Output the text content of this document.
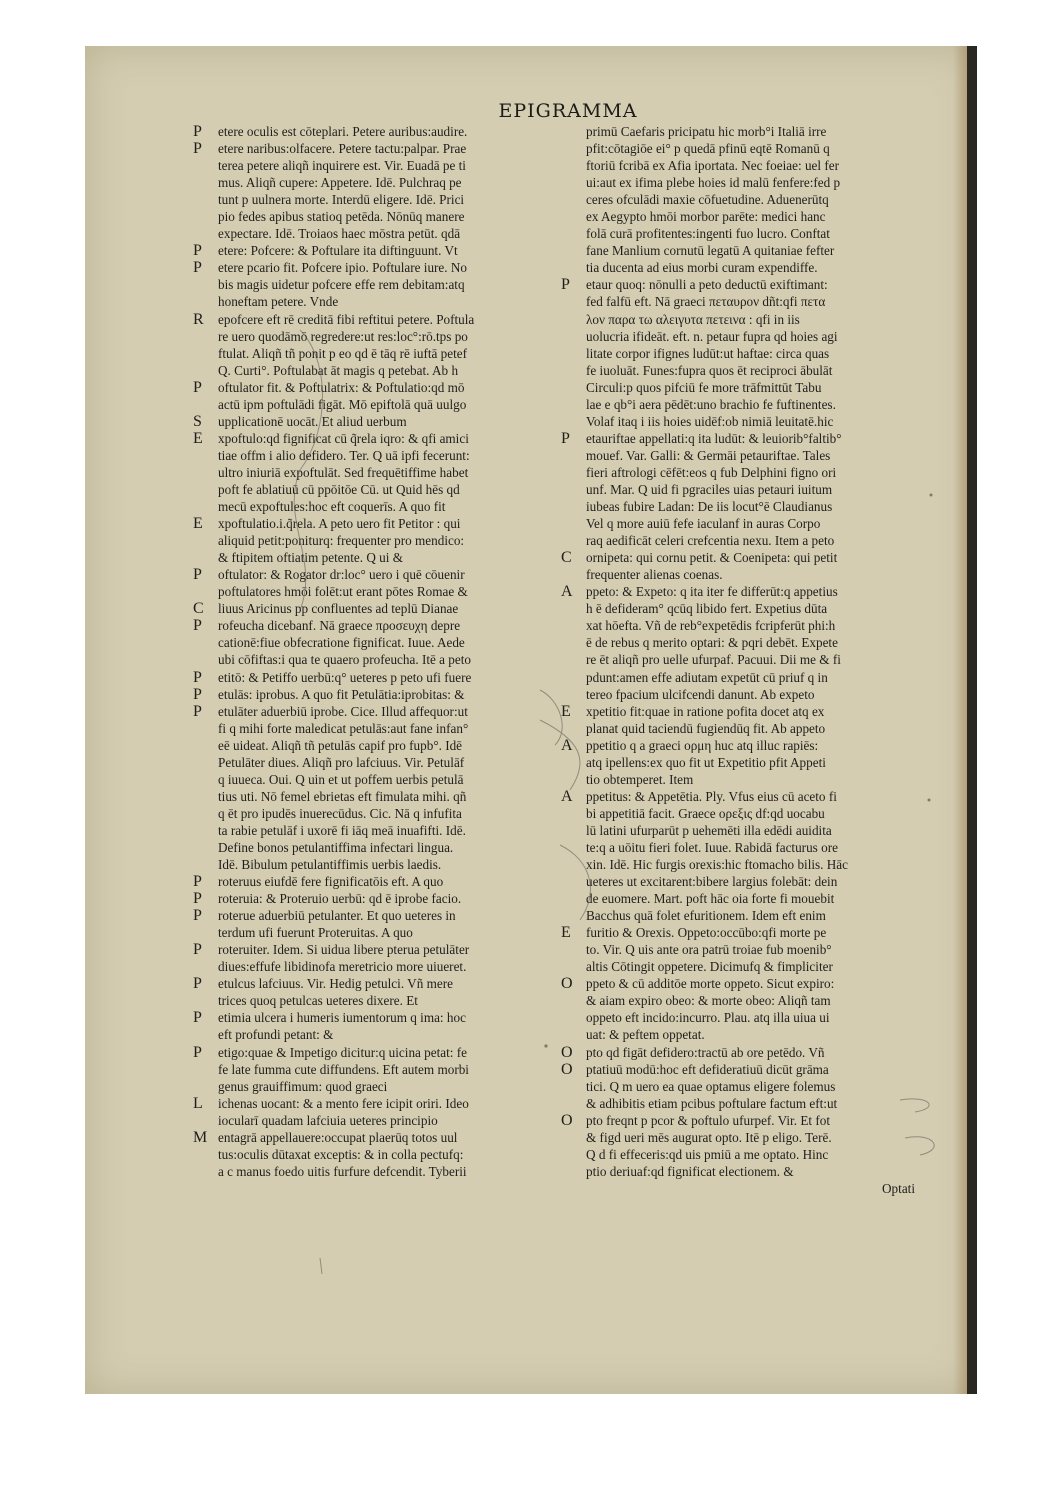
EPIGRAMMA
P	etere oculis est cōteplari. Petere auribus:audire.
P	etere naribus:olfacere. Petere tactu:palpar. Prae
terea petere aliqñ inquirere est. Vir. Euadā pe ti
mus. Aliqñ cupere: Appetere. Idē. Pulchraq pe
tunt p uulnera morte. Interdū eligere. Idē. Prici
pio fedes apibus statioq petēda. Nōnūq manere
expectare. Idē. Troiaos haec mōstra petūt. qdā
P	etere: Pofcere: & Poftulare ita diftinguunt. Vt
P	etere pcario fit. Pofcere ipio. Poftulare iure. No
bis magis uidetur pofcere effe rem debitam:atq
honeftam petere. Vnde
R	epofcere eft rē creditā fibi reftitui petere. Poftula
re uero quodāmō regredere:ut res:loc°:rō.tps po
ftulat. Aliqñ tñ ponit p eo qd ē tāq rē iuftā petef
Q. Curti°. Poftulabat āt magis q petebat. Ab h
P	oftulator fit. & Poftulatrix: & Poftulatio:qd mō
actū ipm poftulādi figāt. Mō epiftolā quā uulgo
S	upplicationē uocāt. Et aliud uerbum
E	xpoftulo:qd fignificat cū q̃rela iqro: & qfi amici
tiae offm i alio defidero. Ter. Q uā ipfi fecerunt:
ultro iniuriā expoftulāt. Sed frequētiffime habet
poft fe ablatiuū cū ppōitōe Cū. ut Quid hēs qd
mecū expoftules:hoc eft coquerīs. A quo fit
E	xpoftulatio.i.q̃rela. A peto uero fit Petitor : qui
aliquid petit:poniturq: frequenter pro mendico:
& ftipitem oftiatim petente. Q ui &
P	oftulator: & Rogator dr:loc° uero i quē cōuenir
poftulatores hmōi folēt:ut erant pōtes Romae &
C	liuus Aricinus pp confluentes ad teplū Dianae
P	rofeucha dicebanf. Nā graece προσευχη depre
cationē:fiue obfecratione fignificat. Iuue. Aede
ubi cōfiftas:i qua te quaero profeucha. Itē a peto
P	etitō: & Petiffo uerbū:q° ueteres p peto ufi fuere
P	etulās: iprobus. A quo fit Petulātia:iprobitas: &
P	etulāter aduerbiū iprobe. Cice. Illud affequor:ut
fi q mihi forte maledicat petulās:aut fane infan°
eē uideat. Aliqñ tñ petulās capif pro fupb°. Idē
Petulāter diues. Aliqñ pro lafciuus. Vir. Petulāf
q iuueca. Oui. Q uin et ut poffem uerbis petulā
tius uti. Nō femel ebrietas eft fimulata mihi. qñ
q ēt pro ipudēs inuerecūdus. Cic. Nā q infufita
ta rabie petulāf i uxorē fi iāq meā inuafifti. Idē.
Define bonos petulantiffima infectari lingua.
Idē. Bibulum petulantiffimis uerbis laedis.
P	roteruus eiufdē fere fignificatōis eft. A quo
P	roteruia: & Proteruio uerbū: qd ē iprobe facio.
P	roterue aduerbiū petulanter. Et quo ueteres in
terdum ufi fuerunt Proteruitas. A quo
P	roteruiter. Idem. Si uidua libere pterua petulāter
diues:effufe libidinofa meretricio more uiueret.
P	etulcus lafciuus. Vir. Hedig petulci. Vñ mere
trices quoq petulcas ueteres dixere. Et
P	etimia ulcera i humeris iumentorum q ima: hoc
eft profundi petant: &
P	etigo:quae & Impetigo dicitur:q uicina petat: fe
fe late fumma cute diffundens. Eft autem morbi
genus grauiffimum: quod graeci
L	ichenas uocant: & a mento fere icipit oriri. Ideo
iocularī quadam lafciuia ueteres principio
M entagrā appellauere:occupat plaerūq totos uul
tus:oculis dūtaxat exceptis: & in colla pectufq:
a c manus foedo uitis furfure defcendit. Tyberii
primū Caefaris pricipatu hic morb°i Italiā irre
pfit:cōtagiōe ei° p quedā pfinū eqtē Romanū q
ftoriū fcribā ex Afia iportata. Nec foeiae: uel fer
ui:aut ex ifima plebe hoies id malū fenfere:fed p
ceres ofculādi maxie cōfuetudine. Aduenerūtq
ex Aegypto hmōi morbor parēte: medici hanc
folā curā profitentes:ingenti fuo lucro. Conftat
fane Manlium cornutū legatū A quitaniae fefter
tia ducenta ad eius morbi curam expendiffe.
P	etaur quoq: nōnulli a peto deductū exiftimant:
fed falfū eft. Nā graeci πεταυρον dñt:qfi πετα
λον παρα τω αλειγυτα πετεινα : qfi in iis
uolucria ifideāt. eft. n. petaur fupra qd hoies agi
litate corpor ifignes ludūt:ut haftae: circa quas
fe iuoluāt. Funes:fupra quos ēt reciproci ābulāt
Circuli:p quos pifciū fe more trāfmittūt Tabu
lae e qb°i aera pēdēt:uno brachio fe fuftinentes.
Volaf itaq i iis hoies uidēf:ob nimiā leuitatē.hic
P	etauriftae appellati:q ita ludūt: & leuiorib°faltib°
mouef. Var. Galli: & Germāi petauriftae. Tales
fieri aftrologi cēfēt:eos q fub Delphini figno ori
unf. Mar. Q uid fi pgraciles uias petauri iuitum
iubeas fubire Ladan: De iis locut°ē Claudianus
Vel q more auiū fefe iaculanf in auras Corpo
raq aedificāt celeri crefcentia nexu. Item a peto
C	ornipeta: qui cornu petit. & Coenipeta: qui petit
frequenter alienas coenas.
A	ppeto: & Expeto: q ita iter fe differūt:q appetius
h ē defideram° qcūq libido fert. Expetius dūta
xat hōefta. Vñ de reb°expetēdis fcripferūt phi:h
ē de rebus q merito optari: & pqri debēt. Expete
re ēt aliqñ pro uelle ufurpaf. Pacuui. Dii me & fi
pdunt:amen effe adiutam expetūt cū priuf q in
tereo fpacium ulcifcendi danunt. Ab expeto
E	xpetitio fit:quae in ratione pofita docet atq ex
planat quid taciendū fugiendūq fit. Ab appeto
A	ppetitio q a graeci ορμη huc atq illuc rapiēs:
atq ipellens:ex quo fit ut Expetitio pfit Appeti
tio obtemperet. Item
A	ppetitus: & Appetētia. Ply. Vfus eius cū aceto fi
bi appetitiā facit. Graece ορεξις df:qd uocabu
lū latini ufurparūt p uehemēti illa edēdi auidita
te:q a uōitu fieri folet. Iuue. Rabidā facturus ore
xin. Idē. Hic furgis orexis:hic ftomacho bilis. Hāc
ueteres ut excitarent:bibere largius folebāt: dein
de euomere. Mart. poft hāc oia forte fi mouebit
Bacchus quā folet efuritionem. Idem eft enim
E	furitio & Orexis. Oppeto:occūbo:qfi morte pe
to. Vir. Q uis ante ora patrū troiae fub moenib°
altis Cōtingit oppetere. Dicimufq & fimpliciter
O	ppeto & cū additōe morte oppeto. Sicut expiro:
& aiam expiro obeo: & morte obeo: Aliqñ tam
oppeto eft incido:incurro. Plau. atq illa uiua ui
uat: & peftem oppetat.
O	pto qd figāt defidero:tractū ab ore petēdo. Vñ
O	ptatiuū modū:hoc eft defideratiuū dicūt grāma
tici. Q m uero ea quae optamus eligere folemus
& adhibitis etiam pcibus poftulare factum eft:ut
O	pto freqnt p pcor & poftulo ufurpef. Vir. Et fot
& figd ueri mēs augurat opto. Itē p eligo. Terē.
Q d fi effeceris:qd uis pmiū a me optato. Hinc
ptio deriuaf:qd fignificat electionem. &
Optati
